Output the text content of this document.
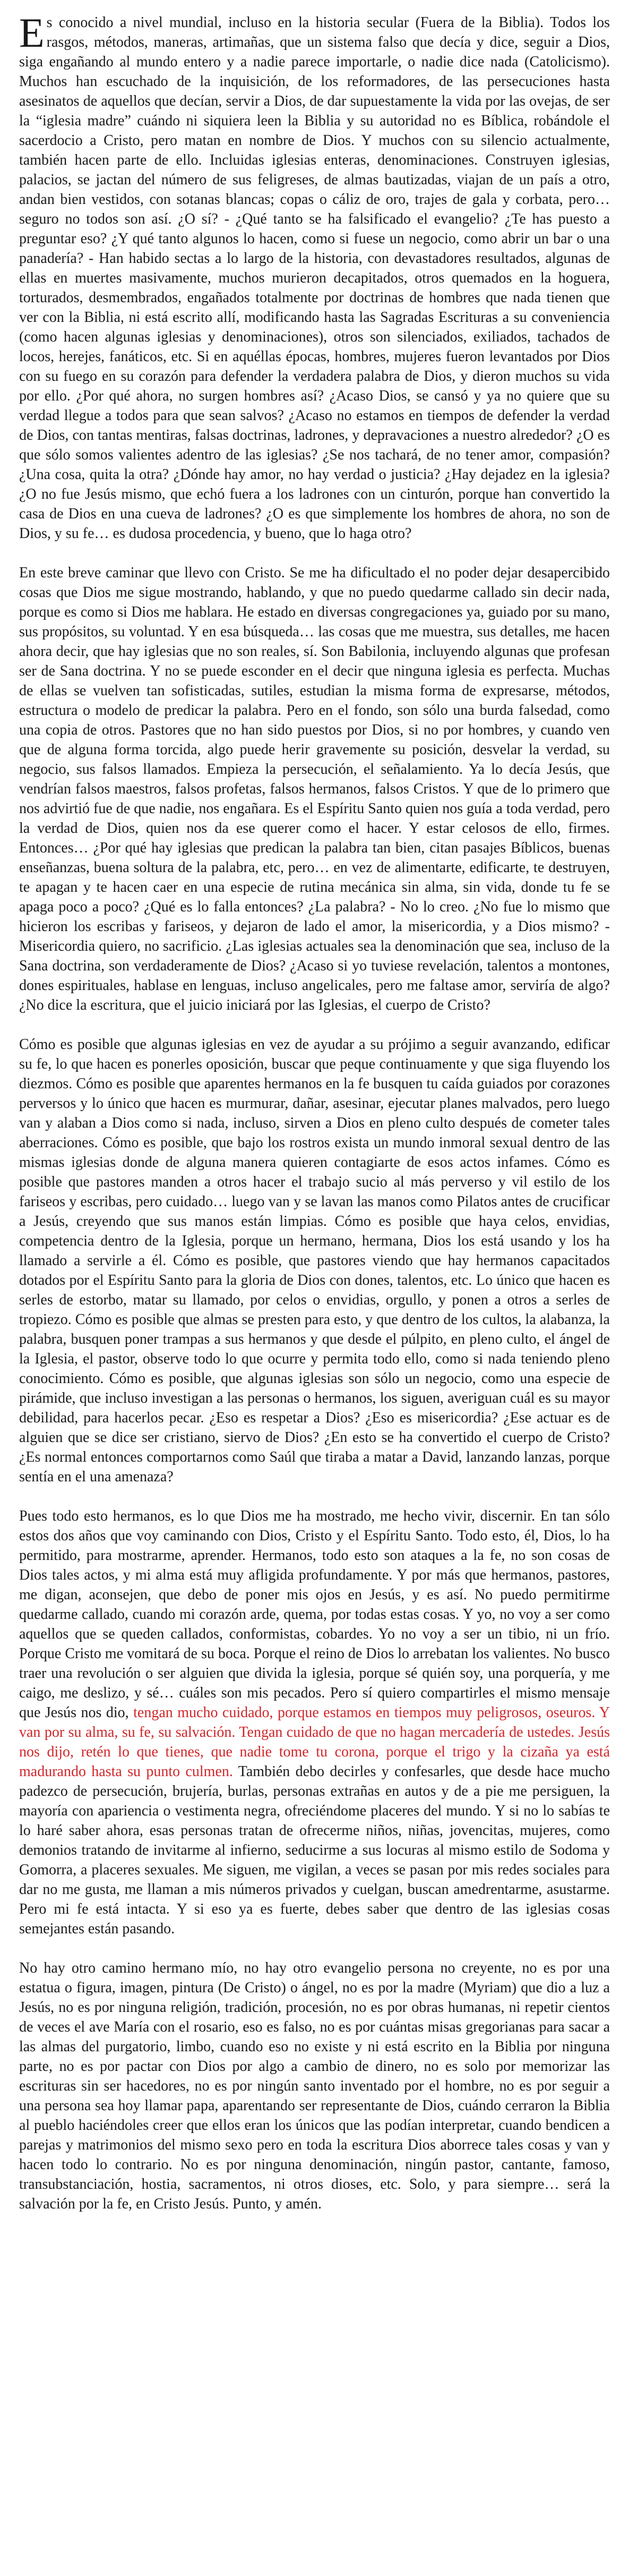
Es conocido a nivel mundial, incluso en la historia secular (Fuera de la Biblia). Todos los rasgos, métodos, maneras, artimañas, que un sistema falso que decía y dice, seguir a Dios, siga engañando al mundo entero y a nadie parece importarle, o nadie dice nada (Catolicismo). Muchos han escuchado de la inquisición, de los reformadores, de las persecuciones hasta asesinatos de aquellos que decían, servir a Dios, de dar supuestamente la vida por las ovejas, de ser la “iglesia madre” cuándo ni siquiera leen la Biblia y su autoridad no es Bíblica, robándole el sacerdocio a Cristo, pero matan en nombre de Dios. Y muchos con su silencio actualmente, también hacen parte de ello. Incluidas iglesias enteras, denominaciones. Construyen iglesias, palacios, se jactan del número de sus feligreses, de almas bautizadas, viajan de un país a otro, andan bien vestidos, con sotanas blancas; copas o cáliz de oro, trajes de gala y corbata, pero… seguro no todos son así. ¿O sí? - ¿Qué tanto se ha falsificado el evangelio? ¿Te has puesto a preguntar eso? ¿Y qué tanto algunos lo hacen, como si fuese un negocio, como abrir un bar o una panadería? - Han habido sectas a lo largo de la historia, con devastadores resultados, algunas de ellas en muertes masivamente, muchos murieron decapitados, otros quemados en la hoguera, torturados, desmembrados, engañados totalmente por doctrinas de hombres que nada tienen que ver con la Biblia, ni está escrito allí, modificando hasta las Sagradas Escrituras a su conveniencia (como hacen algunas iglesias y denominaciones), otros son silenciados, exiliados, tachados de locos, herejes, fanáticos, etc. Si en aquéllas épocas, hombres, mujeres fueron levantados por Dios con su fuego en su corazón para defender la verdadera palabra de Dios, y dieron muchos su vida por ello. ¿Por qué ahora, no surgen hombres así? ¿Acaso Dios, se cansó y ya no quiere que su verdad llegue a todos para que sean salvos? ¿Acaso no estamos en tiempos de defender la verdad de Dios, con tantas mentiras, falsas doctrinas, ladrones, y depravaciones a nuestro alrededor? ¿O es que sólo somos valientes adentro de las iglesias? ¿Se nos tachará, de no tener amor, compasión? ¿Una cosa, quita la otra? ¿Dónde hay amor, no hay verdad o justicia? ¿Hay dejadez en la iglesia? ¿O no fue Jesús mismo, que echó fuera a los ladrones con un cinturón, porque han convertido la casa de Dios en una cueva de ladrones? ¿O es que simplemente los hombres de ahora, no son de Dios, y su fe… es dudosa procedencia, y bueno, que lo haga otro?

En este breve caminar que llevo con Cristo. Se me ha dificultado el no poder dejar desapercibido cosas que Dios me sigue mostrando, hablando, y que no puedo quedarme callado sin decir nada, porque es como si Dios me hablara. He estado en diversas congregaciones ya, guiado por su mano, sus propósitos, su voluntad. Y en esa búsqueda… las cosas que me muestra, sus detalles, me hacen ahora decir, que hay iglesias que no son reales, sí. Son Babilonia, incluyendo algunas que profesan ser de Sana doctrina. Y no se puede esconder en el decir que ninguna iglesia es perfecta. Muchas de ellas se vuelven tan sofisticadas, sutiles, estudian la misma forma de expresarse, métodos, estructura o modelo de predicar la palabra. Pero en el fondo, son sólo una burda falsedad, como una copia de otros. Pastores que no han sido puestos por Dios, si no por hombres, y cuando ven que de alguna forma torcida, algo puede herir gravemente su posición, desvelar la verdad, su negocio, sus falsos llamados. Empieza la persecución, el señalamiento. Ya lo decía Jesús, que vendrían falsos maestros, falsos profetas, falsos hermanos, falsos Cristos. Y que de lo primero que nos advirtió fue de que nadie, nos engañara. Es el Espíritu Santo quien nos guía a toda verdad, pero la verdad de Dios, quien nos da ese querer como el hacer. Y estar celosos de ello, firmes. Entonces… ¿Por qué hay iglesias que predican la palabra tan bien, citan pasajes Bíblicos, buenas enseñanzas, buena soltura de la palabra, etc, pero… en vez de alimentarte, edificarte, te destruyen, te apagan y te hacen caer en una especie de rutina mecánica sin alma, sin vida, donde tu fe se apaga poco a poco? ¿Qué es lo falla entonces? ¿La palabra? - No lo creo. ¿No fue lo mismo que hicieron los escribas y fariseos, y dejaron de lado el amor, la misericordia, y a Dios mismo? - Misericordia quiero, no sacrificio. ¿Las iglesias actuales sea la denominación que sea, incluso de la Sana doctrina, son verdaderamente de Dios? ¿Acaso si yo tuviese revelación, talentos a montones, dones espirituales, hablase en lenguas, incluso angelicales, pero me faltase amor, serviría de algo? ¿No dice la escritura, que el juicio iniciará por las Iglesias, el cuerpo de Cristo?

Cómo es posible que algunas iglesias en vez de ayudar a su prójimo a seguir avanzando, edificar su fe, lo que hacen es ponerles oposición, buscar que peque continuamente y que siga fluyendo los diezmos. Cómo es posible que aparentes hermanos en la fe busquen tu caída guiados por corazones perversos y lo único que hacen es murmurar, dañar, asesinar, ejecutar planes malvados, pero luego van y alaban a Dios como si nada, incluso, sirven a Dios en pleno culto después de cometer tales aberraciones. Cómo es posible, que bajo los rostros exista un mundo inmoral sexual dentro de las mismas iglesias donde de alguna manera quieren contagiarte de esos actos infames. Cómo es posible que pastores manden a otros hacer el trabajo sucio al más perverso y vil estilo de los fariseos y escribas, pero cuidado… luego van y se lavan las manos como Pilatos antes de crucificar a Jesús, creyendo que sus manos están limpias. Cómo es posible que haya celos, envidias, competencia dentro de la Iglesia, porque un hermano, hermana, Dios los está usando y los ha llamado a servirle a él. Cómo es posible, que pastores viendo que hay hermanos capacitados dotados por el Espíritu Santo para la gloria de Dios con dones, talentos, etc. Lo único que hacen es serles de estorbo, matar su llamado, por celos o envidias, orgullo, y ponen a otros a serles de tropiezo. Cómo es posible que almas se presten para esto, y que dentro de los cultos, la alabanza, la palabra, busquen poner trampas a sus hermanos y que desde el púlpito, en pleno culto, el ángel de la Iglesia, el pastor, observe todo lo que ocurre y permita todo ello, como si nada teniendo pleno conocimiento. Cómo es posible, que algunas iglesias son sólo un negocio, como una especie de pirámide, que incluso investigan a las personas o hermanos, los siguen, averiguan cuál es su mayor debilidad, para hacerlos pecar. ¿Eso es respetar a Dios? ¿Eso es misericordia? ¿Ese actuar es de alguien que se dice ser cristiano, siervo de Dios? ¿En esto se ha convertido el cuerpo de Cristo? ¿Es normal entonces comportarnos como Saúl que tiraba a matar a David, lanzando lanzas, porque sentía en el una amenaza?

Pues todo esto hermanos, es lo que Dios me ha mostrado, me hecho vivir, discernir. En tan sólo estos dos años que voy caminando con Dios, Cristo y el Espíritu Santo. Todo esto, él, Dios, lo ha permitido, para mostrarme, aprender. Hermanos, todo esto son ataques a la fe, no son cosas de Dios tales actos, y mi alma está muy afligida profundamente. Y por más que hermanos, pastores, me digan, aconsejen, que debo de poner mis ojos en Jesús, y es así. No puedo permitirme quedarme callado, cuando mi corazón arde, quema, por todas estas cosas. Y yo, no voy a ser como aquellos que se queden callados, conformistas, cobardes. Yo no voy a ser un tibio, ni un frío. Porque Cristo me vomitará de su boca. Porque el reino de Dios lo arrebatan los valientes. No busco traer una revolución o ser alguien que divida la iglesia, porque sé quién soy, una porquería, y me caigo, me deslizo, y sé… cuáles son mis pecados. Pero sí quiero compartirles el mismo mensaje que Jesús nos dio, tengan mucho cuidado, porque estamos en tiempos muy peligrosos, oseuros. Y van por su alma, su fe, su salvación. Tengan cuidado de que no hagan mercadería de ustedes. Jesús nos dijo, retén lo que tienes, que nadie tome tu corona, porque el trigo y la cizaña ya está madurando hasta su punto culmen. También debo decirles y confesarles, que desde hace mucho padezco de persecución, brujería, burlas, personas extrañas en autos y de a pie me persiguen, la mayoría con apariencia o vestimenta negra, ofreciéndome placeres del mundo. Y si no lo sabías te lo haré saber ahora, esas personas tratan de ofrecerme niños, niñas, jovencitas, mujeres, como demonios tratando de invitarme al infierno, seducirme a sus locuras al mismo estilo de Sodoma y Gomorra, a placeres sexuales. Me siguen, me vigilan, a veces se pasan por mis redes sociales para dar no me gusta, me llaman a mis números privados y cuelgan, buscan amedrentarme, asustarme. Pero mi fe está intacta. Y si eso ya es fuerte, debes saber que dentro de las iglesias cosas semejantes están pasando.

No hay otro camino hermano mío, no hay otro evangelio persona no creyente, no es por una estatua o figura, imagen, pintura (De Cristo) o ángel, no es por la madre (Myriam) que dio a luz a Jesús, no es por ninguna religión, tradición, procesión, no es por obras humanas, ni repetir cientos de veces el ave María con el rosario, eso es falso, no es por cuántas misas gregorianas para sacar a las almas del purgatorio, limbo, cuando eso no existe y ni está escrito en la Biblia por ninguna parte, no es por pactar con Dios por algo a cambio de dinero, no es solo por memorizar las escrituras sin ser hacedores, no es por ningún santo inventado por el hombre, no es por seguir a una persona sea hoy llamar papa, aparentando ser representante de Dios, cuándo cerraron la Biblia al pueblo haciéndoles creer que ellos eran los únicos que las podían interpretar, cuando bendicen a parejas y matrimonios del mismo sexo pero en toda la escritura Dios aborrece tales cosas y van y hacen todo lo contrario. No es por ninguna denominación, ningún pastor, cantante, famoso, transubstanciación, hostia, sacramentos, ni otros dioses, etc. Solo, y para siempre… será la salvación por la fe, en Cristo Jesús. Punto, y amén.
